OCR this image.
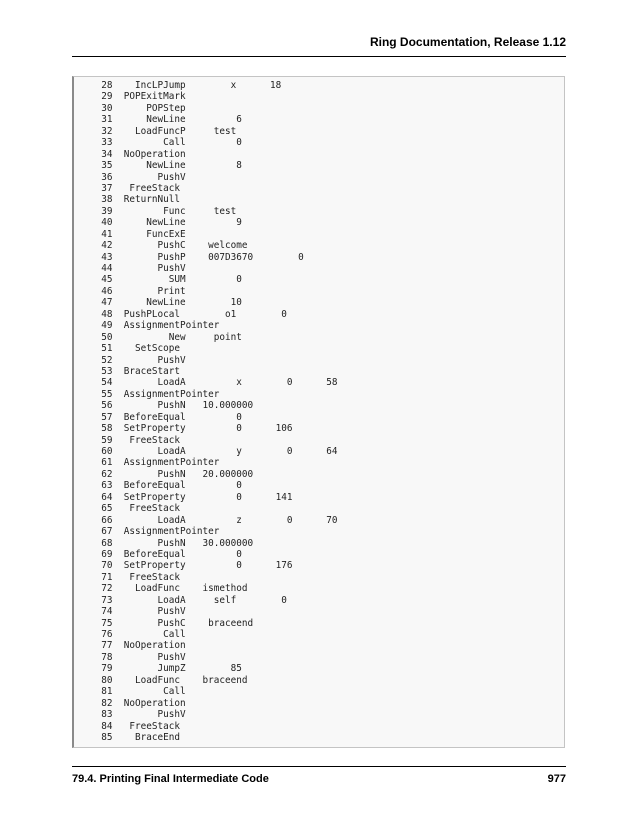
Ring Documentation, Release 1.12
28    IncLPJump        x      18
29  POPExitMark
30      POPStep
31      NewLine         6
32    LoadFuncP     test
33         Call         0
34  NoOperation
35      NewLine         8
36        PushV
37   FreeStack
38  ReturnNull
39         Func     test
40      NewLine         9
41      FuncExE
42        PushC    welcome
43        PushP    007D3670        0
44        PushV
45          SUM         0
46        Print
47      NewLine        10
48  PushPLocal        o1        0
49  AssignmentPointer
50          New     point
51    SetScope
52        PushV
53  BraceStart
54        LoadA         x        0      58
55  AssignmentPointer
56        PushN   10.000000
57  BeforeEqual         0
58  SetProperty         0      106
59   FreeStack
60        LoadA         y        0      64
61  AssignmentPointer
62        PushN   20.000000
63  BeforeEqual         0
64  SetProperty         0      141
65   FreeStack
66        LoadA         z        0      70
67  AssignmentPointer
68        PushN   30.000000
69  BeforeEqual         0
70  SetProperty         0      176
71   FreeStack
72    LoadFunc    ismethod
73        LoadA     self        0
74        PushV
75        PushC    braceend
76         Call
77  NoOperation
78        PushV
79        JumpZ        85
80    LoadFunc    braceend
81         Call
82  NoOperation
83        PushV
84   FreeStack
85    BraceEnd
79.4. Printing Final Intermediate Code	977
